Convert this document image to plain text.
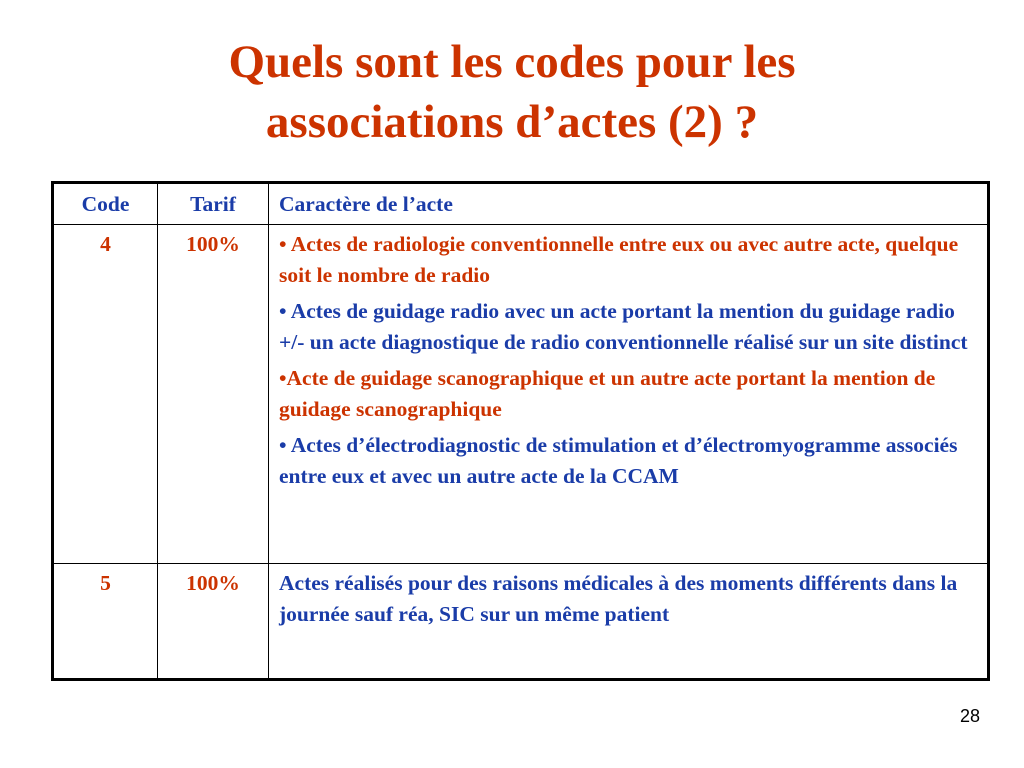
Quels sont les codes pour les
associations d’actes (2) ?
Code	Tarif	Caractère de l’acte
4	100%	• Actes de radiologie conventionnelle entre eux ou avec autre acte, quelque soit le nombre de radio
• Actes de guidage radio avec un acte portant la mention du guidage radio +/- un acte diagnostique de radio conventionnelle réalisé sur un site distinct
•Acte de guidage scanographique et un autre acte portant la mention de guidage scanographique
• Actes d’électrodiagnostic de stimulation et d’électromyogramme associés entre eux et avec un autre acte de la CCAM

5	100%	Actes réalisés pour des raisons médicales à des moments différents dans la journée sauf réa, SIC sur un même patient
28
